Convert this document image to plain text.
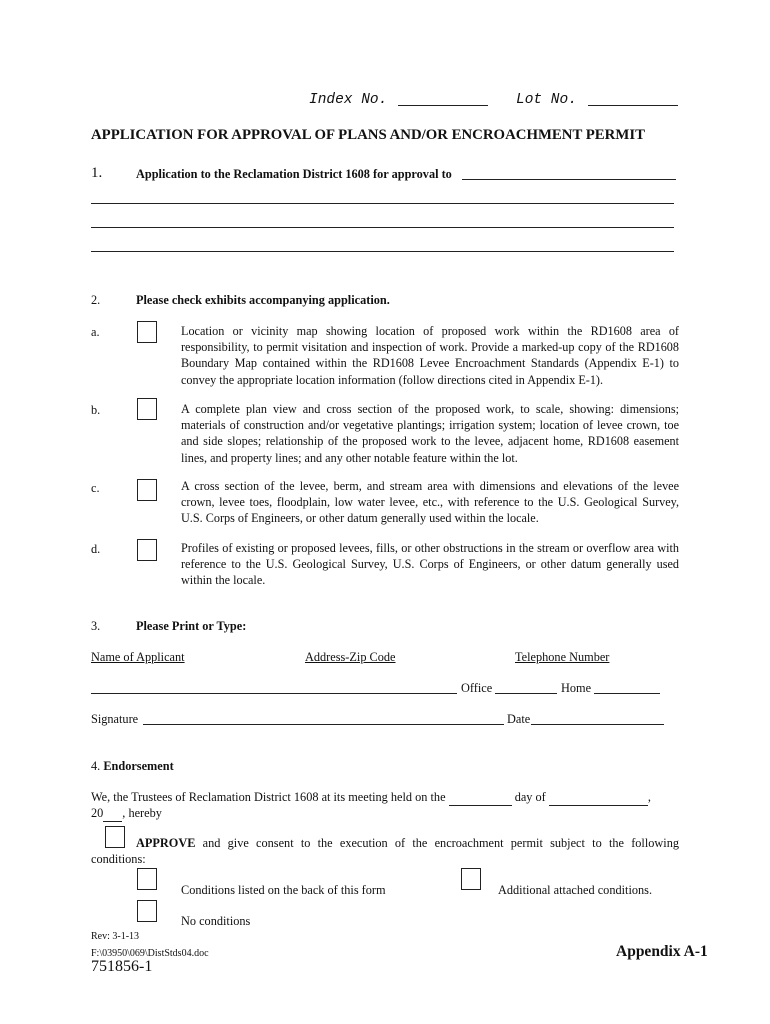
Index No.	Lot No.
APPLICATION FOR APPROVAL OF PLANS AND/OR ENCROACHMENT PERMIT
1.	Application to the Reclamation District 1608 for approval to
2.	Please check exhibits accompanying application.
a.	Location or vicinity map showing location of proposed work within the RD1608 area of responsibility, to permit visitation and inspection of work. Provide a marked-up copy of the RD1608 Boundary Map contained within the RD1608 Levee Encroachment Standards (Appendix E-1) to convey the appropriate location information (follow directions cited in Appendix E-1).
b.	A complete plan view and cross section of the proposed work, to scale, showing: dimensions; materials of construction and/or vegetative plantings; irrigation system; location of levee crown, toe and side slopes; relationship of the proposed work to the levee, adjacent home, RD1608 easement lines, and property lines; and any other notable feature within the lot.
c.	A cross section of the levee, berm, and stream area with dimensions and elevations of the levee crown, levee toes, floodplain, low water levee, etc., with reference to the U.S. Geological Survey, U.S. Corps of Engineers, or other datum generally used within the locale.
d.	Profiles of existing or proposed levees, fills, or other obstructions in the stream or overflow area with reference to the U.S. Geological Survey, U.S. Corps of Engineers, or other datum generally used within the locale.
3.	Please Print or Type:
Name of Applicant	Address-Zip Code	Telephone Number
Office	Home
Signature	Date
4. Endorsement
We, the Trustees of Reclamation District 1608 at its meeting held on the	day of	,
20 , hereby
APPROVE and give consent to the execution of the encroachment permit subject to the following
conditions:
Conditions listed on the back of this form	Additional attached conditions.
No conditions
Rev: 3-1-13
F:\03950\069\DistStds04.doc
751856-1
Appendix A-1
